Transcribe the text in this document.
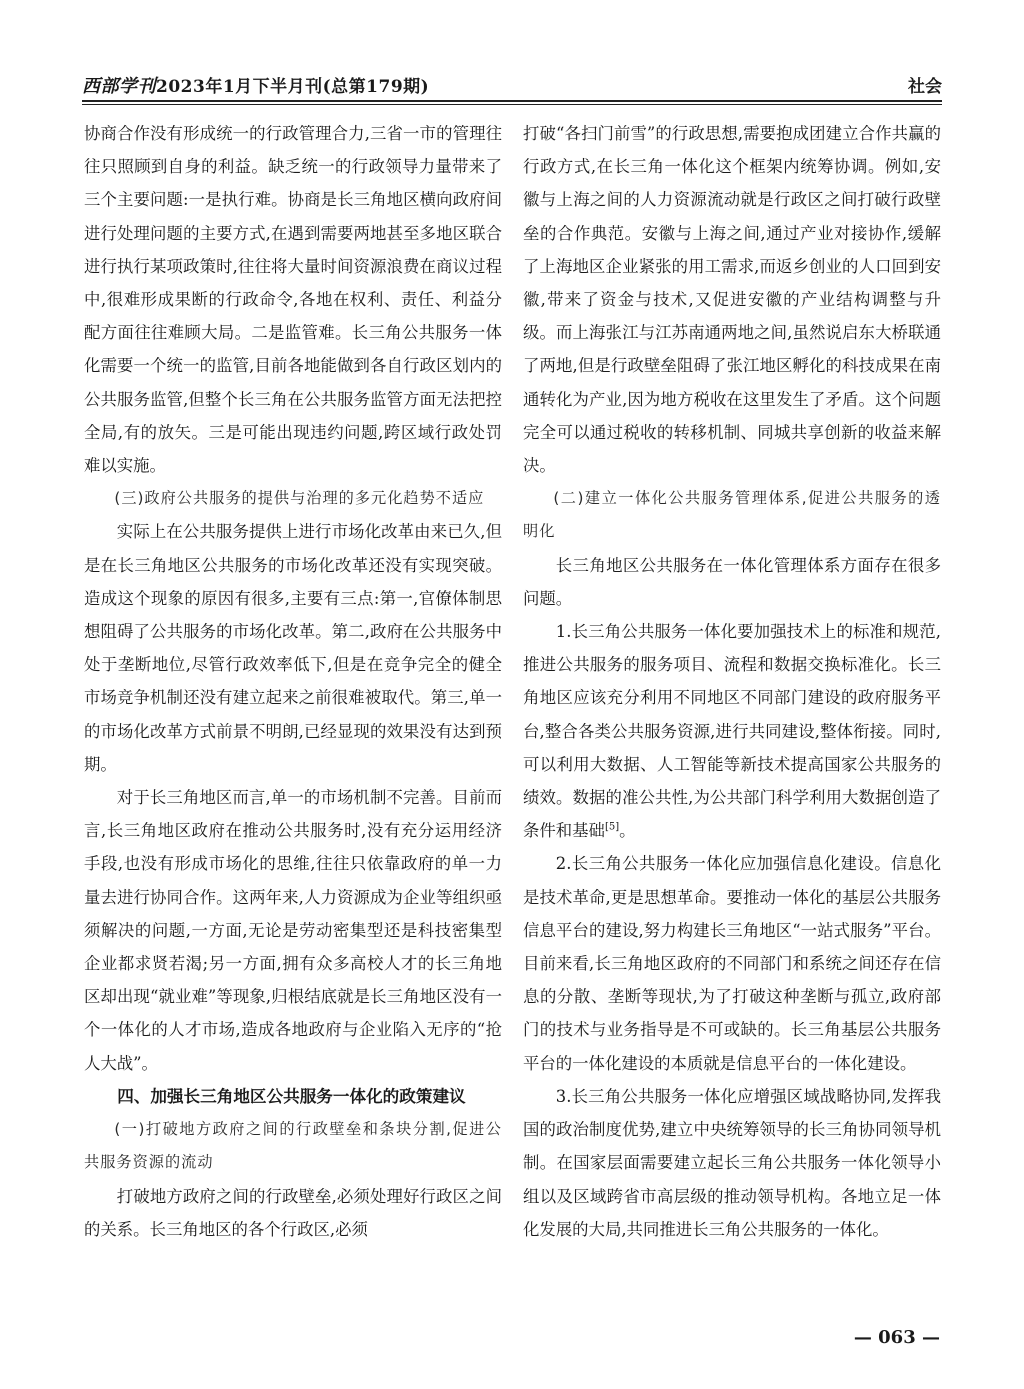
西部学刊2023年1月下半月刊(总第179期)	社会

协商合作没有形成统一的行政管理合力,三省一市的管理往往只照顾到自身的利益。缺乏统一的行政领导力量带来了三个主要问题:一是执行难。协商是长三角地区横向政府间进行处理问题的主要方式,在遇到需要两地甚至多地区联合进行执行某项政策时,往往将大量时间资源浪费在商议过程中,很难形成果断的行政命令,各地在权利、责任、利益分配方面往往难顾大局。二是监管难。长三角公共服务一体化需要一个统一的监管,目前各地能做到各自行政区划内的公共服务监管,但整个长三角在公共服务监管方面无法把控全局,有的放矢。三是可能出现违约问题,跨区域行政处罚难以实施。

(三)政府公共服务的提供与治理的多元化趋势不适应

实际上在公共服务提供上进行市场化改革由来已久,但是在长三角地区公共服务的市场化改革还没有实现突破。造成这个现象的原因有很多,主要有三点:第一,官僚体制思想阻碍了公共服务的市场化改革。第二,政府在公共服务中处于垄断地位,尽管行政效率低下,但是在竞争完全的健全市场竞争机制还没有建立起来之前很难被取代。第三,单一的市场化改革方式前景不明朗,已经显现的效果没有达到预期。

对于长三角地区而言,单一的市场机制不完善。目前而言,长三角地区政府在推动公共服务时,没有充分运用经济手段,也没有形成市场化的思维,往往只依靠政府的单一力量去进行协同合作。这两年来,人力资源成为企业等组织亟须解决的问题,一方面,无论是劳动密集型还是科技密集型企业都求贤若渴;另一方面,拥有众多高校人才的长三角地区却出现“就业难”等现象,归根结底就是长三角地区没有一个一体化的人才市场,造成各地政府与企业陷入无序的“抢人大战”。

四、加强长三角地区公共服务一体化的政策建议

(一)打破地方政府之间的行政壁垒和条块分割,促进公共服务资源的流动

打破地方政府之间的行政壁垒,必须处理好行政区之间的关系。长三角地区的各个行政区,必须

打破“各扫门前雪”的行政思想,需要抱成团建立合作共赢的行政方式,在长三角一体化这个框架内统筹协调。例如,安徽与上海之间的人力资源流动就是行政区之间打破行政壁垒的合作典范。安徽与上海之间,通过产业对接协作,缓解了上海地区企业紧张的用工需求,而返乡创业的人口回到安徽,带来了资金与技术,又促进安徽的产业结构调整与升级。而上海张江与江苏南通两地之间,虽然说启东大桥联通了两地,但是行政壁垒阻碍了张江地区孵化的科技成果在南通转化为产业,因为地方税收在这里发生了矛盾。这个问题完全可以通过税收的转移机制、同城共享创新的收益来解决。

(二)建立一体化公共服务管理体系,促进公共服务的透明化

长三角地区公共服务在一体化管理体系方面存在很多问题。

1.长三角公共服务一体化要加强技术上的标准和规范,推进公共服务的服务项目、流程和数据交换标准化。长三角地区应该充分利用不同地区不同部门建设的政府服务平台,整合各类公共服务资源,进行共同建设,整体衔接。同时,可以利用大数据、人工智能等新技术提高国家公共服务的绩效。数据的准公共性,为公共部门科学利用大数据创造了条件和基础[5]。

2.长三角公共服务一体化应加强信息化建设。信息化是技术革命,更是思想革命。要推动一体化的基层公共服务信息平台的建设,努力构建长三角地区“一站式服务”平台。目前来看,长三角地区政府的不同部门和系统之间还存在信息的分散、垄断等现状,为了打破这种垄断与孤立,政府部门的技术与业务指导是不可或缺的。长三角基层公共服务平台的一体化建设的本质就是信息平台的一体化建设。

3.长三角公共服务一体化应增强区域战略协同,发挥我国的政治制度优势,建立中央统筹领导的长三角协同领导机制。在国家层面需要建立起长三角公共服务一体化领导小组以及区域跨省市高层级的推动领导机构。各地立足一体化发展的大局,共同推进长三角公共服务的一体化。

— 063 —
